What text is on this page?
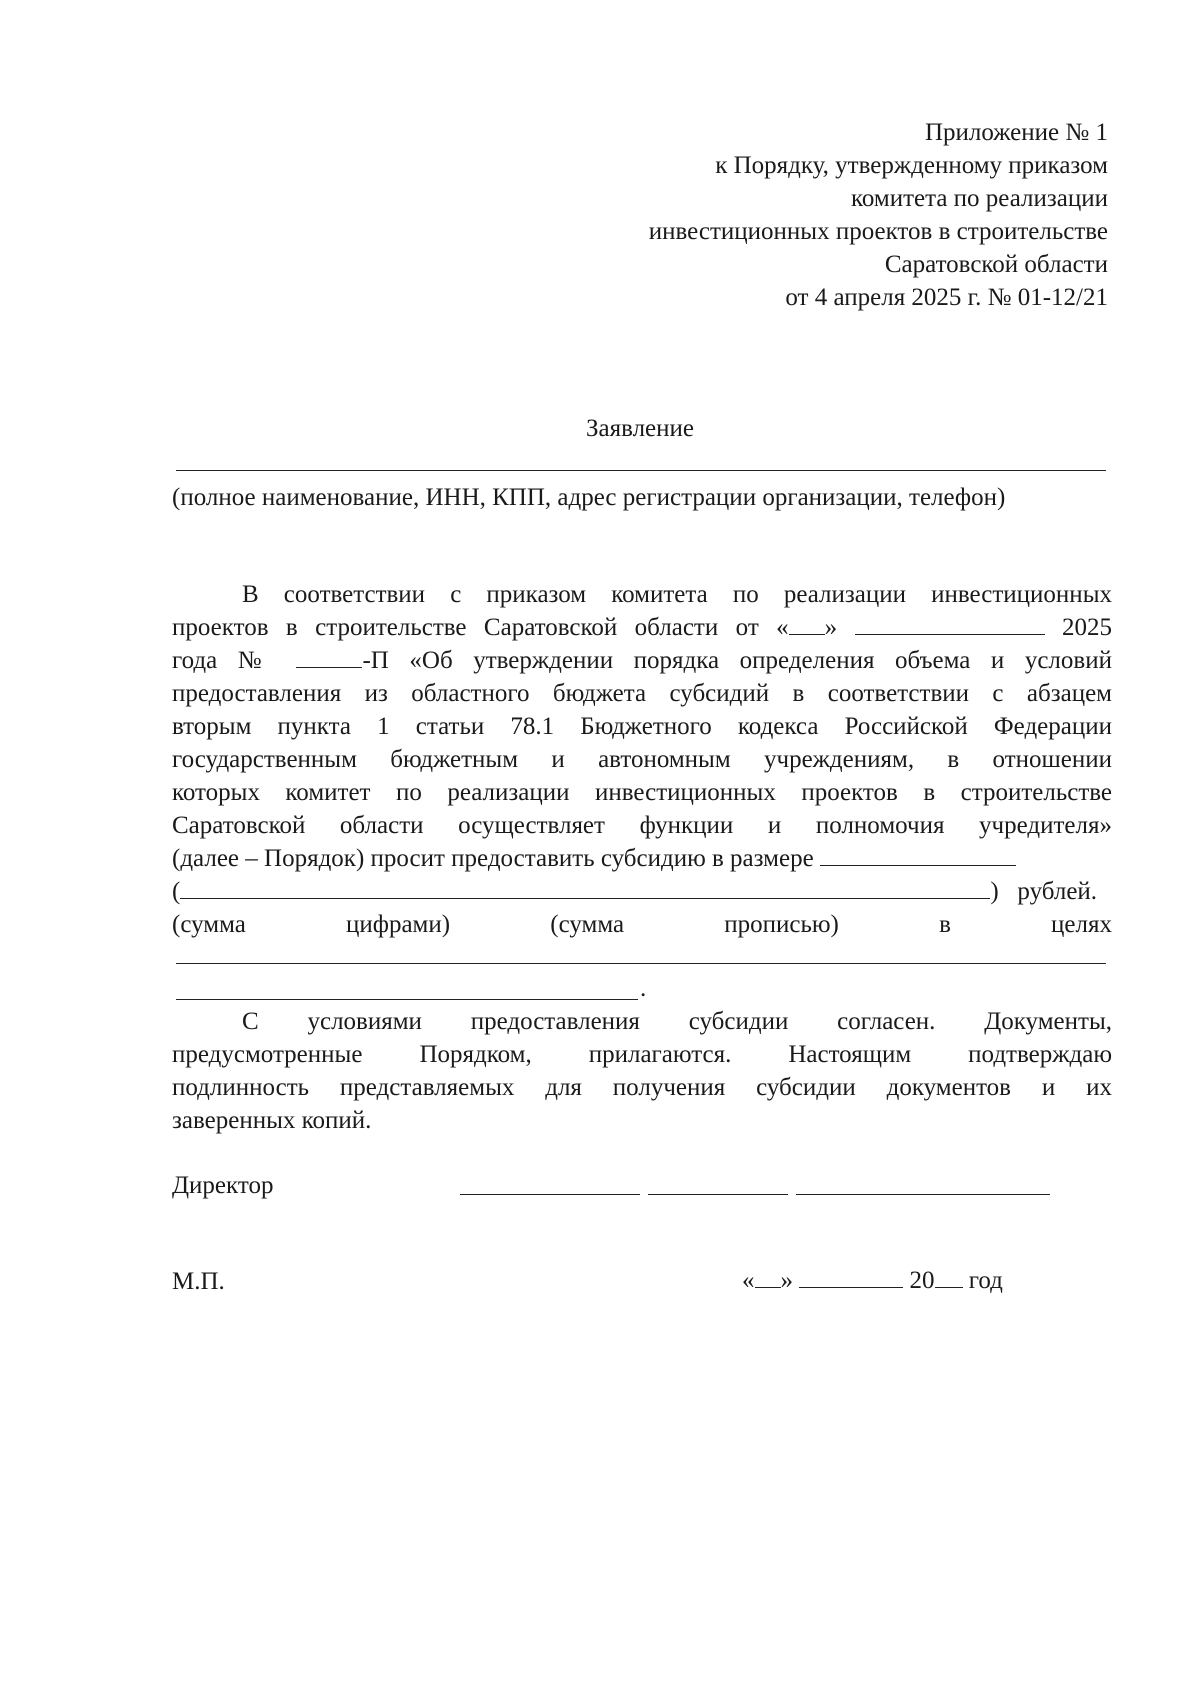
Приложение № 1
к Порядку, утвержденному приказом
комитета по реализации
инвестиционных проектов в строительстве
Саратовской области
от 4 апреля 2025 г. № 01-12/21
Заявление
(полное наименование, ИНН, КПП, адрес регистрации организации, телефон)
В соответствии с приказом комитета по реализации инвестиционных
проектов в строительстве Саратовской области от « »	2025
года №	-П «Об утверждении порядка определения объема и условий
предоставления из областного бюджета субсидий в соответствии с абзацем
вторым пункта 1 статьи 78.1 Бюджетного кодекса Российской Федерации
государственным бюджетным и автономным учреждениям, в отношении
которых комитет по реализации инвестиционных проектов в строительстве
Саратовской области осуществляет функции и полномочия учредителя»
(далее – Порядок) просит предоставить субсидию в размере
(	) рублей.
(сумма	цифрами)	(сумма	прописью)	в	целях
.
С условиями предоставления субсидии согласен. Документы,
предусмотренные Порядком, прилагаются. Настоящим подтверждаю
подлинность представляемых для получения субсидии документов и их
заверенных копий.
Директор
М.П.	« »	20 год
